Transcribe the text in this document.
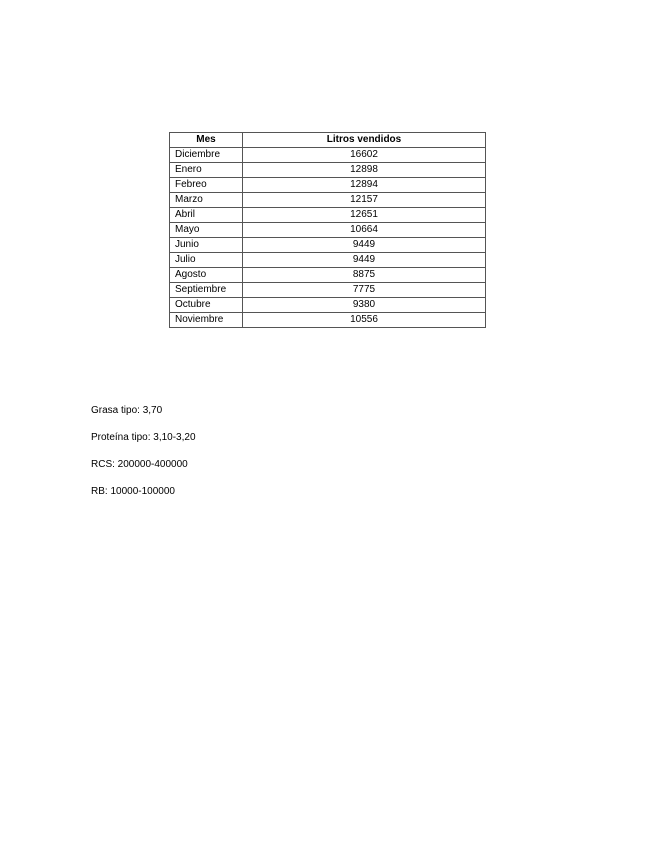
Mes	Litros vendidos
Diciembre	16602
Enero	12898
Febreo	12894
Marzo	12157
Abril	12651
Mayo	10664
Junio	9449
Julio	9449
Agosto	8875
Septiembre	7775
Octubre	9380
Noviembre	10556

Grasa tipo: 3,70

Proteína tipo: 3,10-3,20

RCS: 200000-400000

RB: 10000-100000
